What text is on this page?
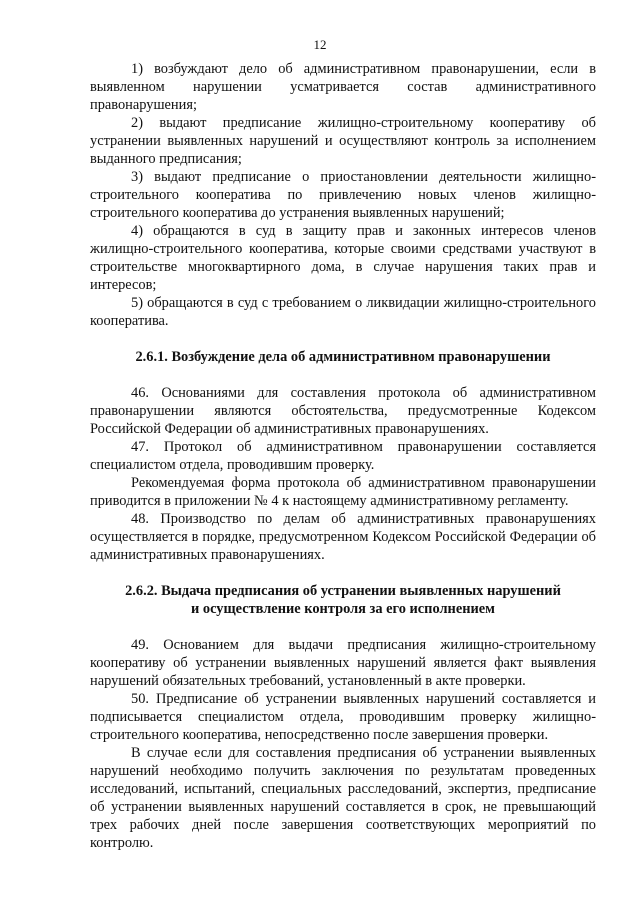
12

1) возбуждают дело об административном правонарушении, если в выявленном нарушении усматривается состав административного правонарушения;

2) выдают предписание жилищно-строительному кооперативу об устранении выявленных нарушений и осуществляют контроль за исполнением выданного предписания;

3) выдают предписание о приостановлении деятельности жилищно-строительного кооператива по привлечению новых членов жилищно-строительного кооператива до устранения выявленных нарушений;

4) обращаются в суд в защиту прав и законных интересов членов жилищно-строительного кооператива, которые своими средствами участвуют в строительстве многоквартирного дома, в случае нарушения таких прав и интересов;

5) обращаются в суд с требованием о ликвидации жилищно-строительного кооператива.

2.6.1. Возбуждение дела об административном правонарушении

46. Основаниями для составления протокола об административном правонарушении являются обстоятельства, предусмотренные Кодексом Российской Федерации об административных правонарушениях.

47. Протокол об административном правонарушении составляется специалистом отдела, проводившим проверку.

Рекомендуемая форма протокола об административном правонарушении приводится в приложении № 4 к настоящему административному регламенту.

48. Производство по делам об административных правонарушениях осуществляется в порядке, предусмотренном Кодексом Российской Федерации об административных правонарушениях.

2.6.2. Выдача предписания об устранении выявленных нарушений
и осуществление контроля за его исполнением

49. Основанием для выдачи предписания жилищно-строительному кооперативу об устранении выявленных нарушений является факт выявления нарушений обязательных требований, установленный в акте проверки.

50. Предписание об устранении выявленных нарушений составляется и подписывается специалистом отдела, проводившим проверку жилищно-строительного кооператива, непосредственно после завершения проверки.

В случае если для составления предписания об устранении выявленных нарушений необходимо получить заключения по результатам проведенных исследований, испытаний, специальных расследований, экспертиз, предписание об устранении выявленных нарушений составляется в срок, не превышающий трех рабочих дней после завершения соответствующих мероприятий по контролю.
